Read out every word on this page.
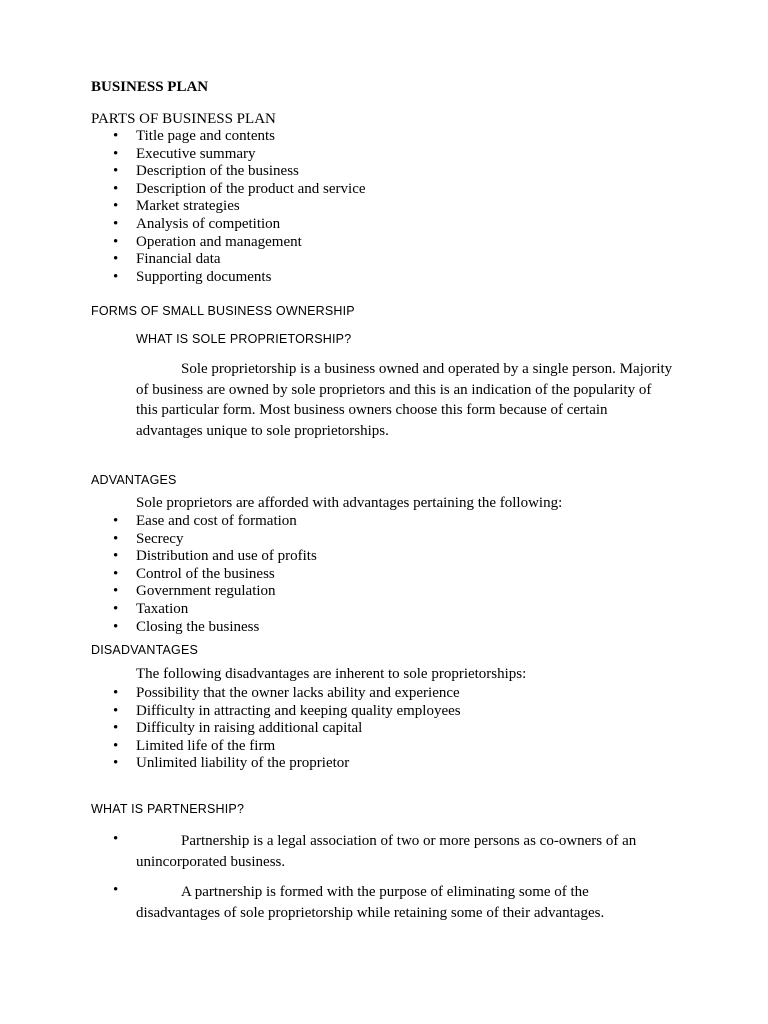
BUSINESS PLAN
PARTS OF BUSINESS PLAN
• Title page and contents
• Executive summary
• Description of the business
• Description of the product and service
• Market strategies
• Analysis of competition
• Operation and management
• Financial data
• Supporting documents
FORMS OF SMALL BUSINESS OWNERSHIP
WHAT IS SOLE PROPRIETORSHIP?
Sole proprietorship is a business owned and operated by a single person. Majority of business are owned by sole proprietors and this is an indication of the popularity of this particular form. Most business owners choose this form because of certain advantages unique to sole proprietorships.
ADVANTAGES
Sole proprietors are afforded with advantages pertaining the following:
• Ease and cost of formation
• Secrecy
• Distribution and use of profits
• Control of the business
• Government regulation
• Taxation
• Closing the business
DISADVANTAGES
The following disadvantages are inherent to sole proprietorships:
• Possibility that the owner lacks ability and experience
• Difficulty in attracting and keeping quality employees
• Difficulty in raising additional capital
• Limited life of the firm
• Unlimited liability of the proprietor
WHAT IS PARTNERSHIP?
•	Partnership is a legal association of two or more persons as co-owners of an unincorporated business.
•	A partnership is formed with the purpose of eliminating some of the disadvantages of sole proprietorship while retaining some of their advantages.
